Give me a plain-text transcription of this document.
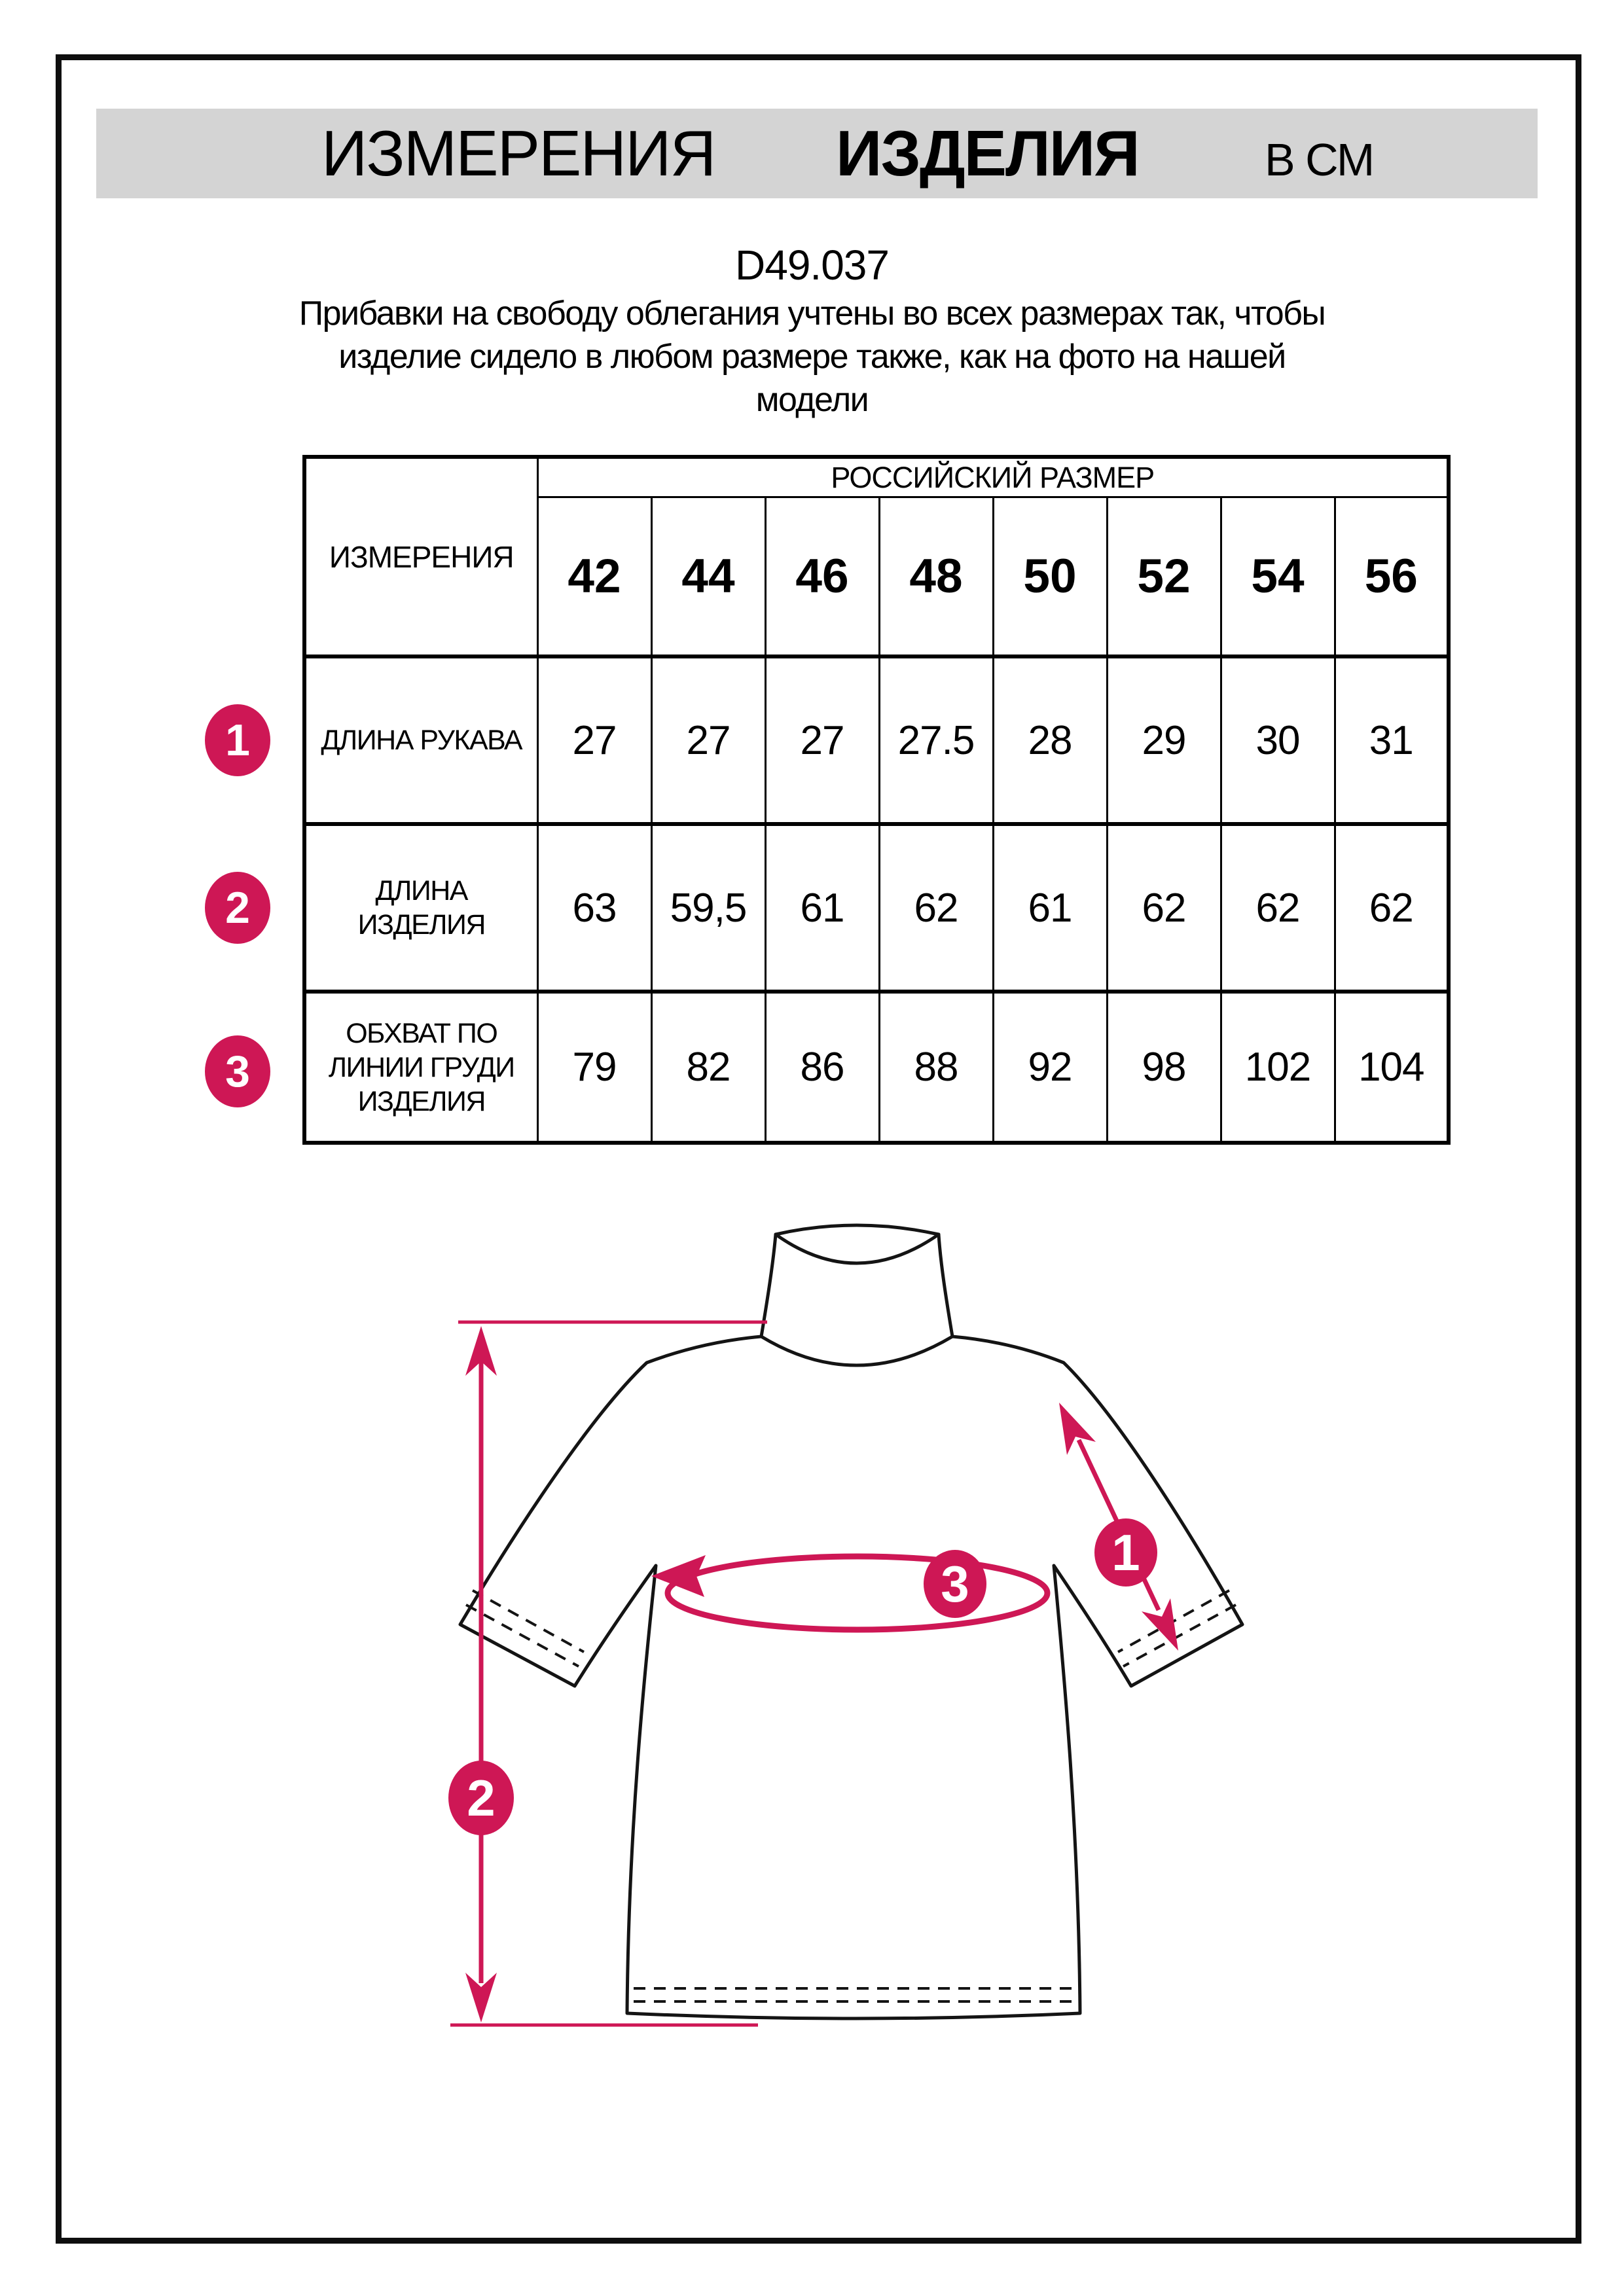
ИЗМЕРЕНИЯ ИЗДЕЛИЯ	В СМ
D49.037
Прибавки на свободу облегания учтены во всех размерах так, чтобы
изделие сидело в любом размере также, как на фото на нашей
модели
ИЗМЕРЕНИЯ	РОССИЙСКИЙ РАЗМЕР							
	42	44	46	48	50	52	54	56

ДЛИНА РУКАВА	27	27	27	27.5	28	29	30	31

ДЛИНА
ИЗДЕЛИЯ	63	59,5	61	62	61	62	62	62

ОБХВАТ ПО
ЛИНИИ ГРУДИ
ИЗДЕЛИЯ	79	82	86	88	92	98	102	104
1
2
3
1
2
3
